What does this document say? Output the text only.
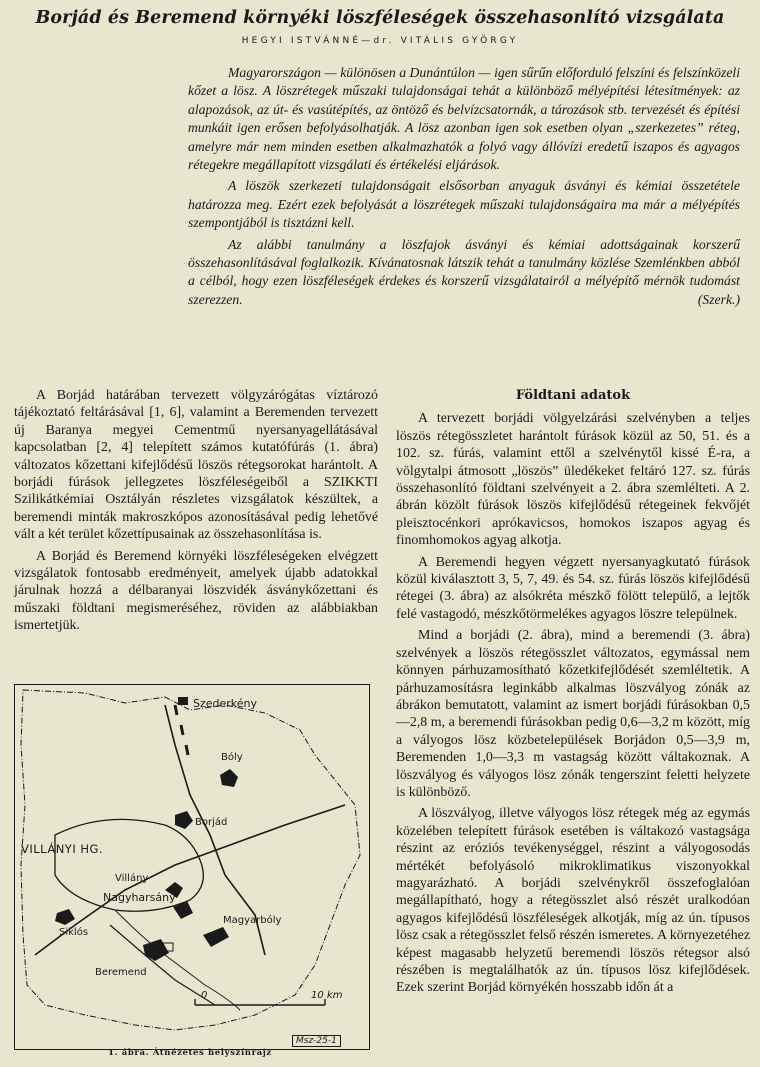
Borjád és Beremend környéki löszféleségek összehasonlító vizsgálata
HEGYI ISTVÁNNÉ—dr. VITÁLIS GYÖRGY

Magyarországon — különösen a Dunántúlon — igen sűrűn előforduló felszíni és felszínközeli kőzet a lösz. A löszrétegek műszaki tulajdonságai tehát a különböző mélyépítési létesítmények: az alapozások, az út- és vasútépítés, az öntöző és belvízcsatornák, a tározások stb. tervezését és építési munkáit igen erősen befolyásolhatják. A lösz azonban igen sok esetben olyan „szerkezetes” réteg, amelyre már nem minden esetben alkalmazhatók a folyó vagy állóvízi eredetű iszapos és agyagos rétegekre megállapított vizsgálati és értékelési eljárások.

A löszök szerkezeti tulajdonságait elsősorban anyaguk ásványi és kémiai összetétele határozza meg. Ezért ezek befolyását a löszrétegek műszaki tulajdonságaira ma már a mélyépítés szempontjából is tisztázni kell.

Az alábbi tanulmány a löszfajok ásványi és kémiai adottságainak korszerű összehasonlításával foglalkozik. Kívánatosnak látszik tehát a tanulmány közlése Szemlénkben abból a célból, hogy ezen löszféleségek érdekes és korszerű vizsgálatairól a mélyépítő mérnök tudomást szerezzen.	(Szerk.)

A Borjád határában tervezett völgyzárógátas víztározó tájékoztató feltárásával [1, 6], valamint a Beremenden tervezett új Baranya megyei Cementmű nyersanyagellátásával kapcsolatban [2, 4] telepített számos kutatófúrás (1. ábra) változatos kőzettani kifejlődésű löszös rétegsorokat harántolt. A borjádi fúrások jellegzetes löszféleségeiből a SZIKKTI Szilikátkémiai Osztályán részletes vizsgálatok készültek, a beremendi minták makroszkópos azonosításával pedig lehetővé vált a két terület kőzettípusainak az összehasonlítása is.

A Borjád és Beremend környéki löszféleségeken elvégzett vizsgálatok fontosabb eredményeit, amelyek újabb adatokkal járulnak hozzá a délbaranyai löszvidék ásványkőzettani és műszaki földtani megismeréséhez, röviden az alábbiakban ismertetjük.

Szederkény
Bóly
Borjád
VILLÁNYI HG.
Villány
Nagyharsány
Magyarbóly
Siklós
Beremend
0	10 km
Msz-25-1
1. ábra. Átnézetes helyszínrajz
Földtani adatok

A tervezett borjádi völgyelzárási szelvényben a teljes löszös rétegösszletet harántolt fúrások közül az 50, 51. és a 102. sz. fúrás, valamint ettől a szelvénytől kissé É-ra, a völgytalpi átmosott „löszös” üledékeket feltáró 127. sz. fúrás összehasonlító földtani szelvényeit a 2. ábra szemlélteti. A 2. ábrán közölt fúrások löszös kifejlődésű rétegeinek fekvőjét pleisztocénkori aprókavicsos, homokos iszapos agyag és finomhomokos agyag alkotja.

A Beremendi hegyen végzett nyersanyagkutató fúrások közül kiválasztott 3, 5, 7, 49. és 54. sz. fúrás löszös kifejlődésű rétegei (3. ábra) az alsókréta mészkő fölött települő, a lejtők felé vastagodó, mészkőtörmelékes agyagos löszre települnek.

Mind a borjádi (2. ábra), mind a beremendi (3. ábra) szelvények a löszös rétegösszlet változatos, egymással nem könnyen párhuzamosítható kőzetkifejlődését szemléltetik. A párhuzamosításra leginkább alkalmas löszvályog zónák az ábrákon bemutatott, valamint az ismert borjádi fúrásokban 0,5—2,8 m, a beremendi fúrásokban pedig 0,6—3,2 m között, míg a vályogos lösz közbetelepülések Borjádon 0,5—3,9 m, Beremenden 1,0—3,3 m vastagság között váltakoznak. A löszvályog és vályogos lösz zónák tengerszint feletti helyzete is különböző.

A löszvályog, illetve vályogos lösz rétegek még az egymás közelében telepített fúrások esetében is váltakozó vastagsága részint az eróziós tevékenységgel, részint a vályogosodás mértékét befolyásoló mikroklimatikus viszonyokkal magyarázható. A borjádi szelvénykről összefoglalóan megállapítható, hogy a rétegösszlet alsó részét uralkodóan agyagos kifejlődésű löszféleségek alkotják, míg az ún. típusos lösz csak a rétegösszlet felső részén ismeretes. A környezetéhez képest magasabb helyzetű beremendi löszös rétegsor alsó részében is megtalálhatók az ún. típusos lösz kifejlődések. Ezek szerint Borjád környékén hosszabb időn át a
